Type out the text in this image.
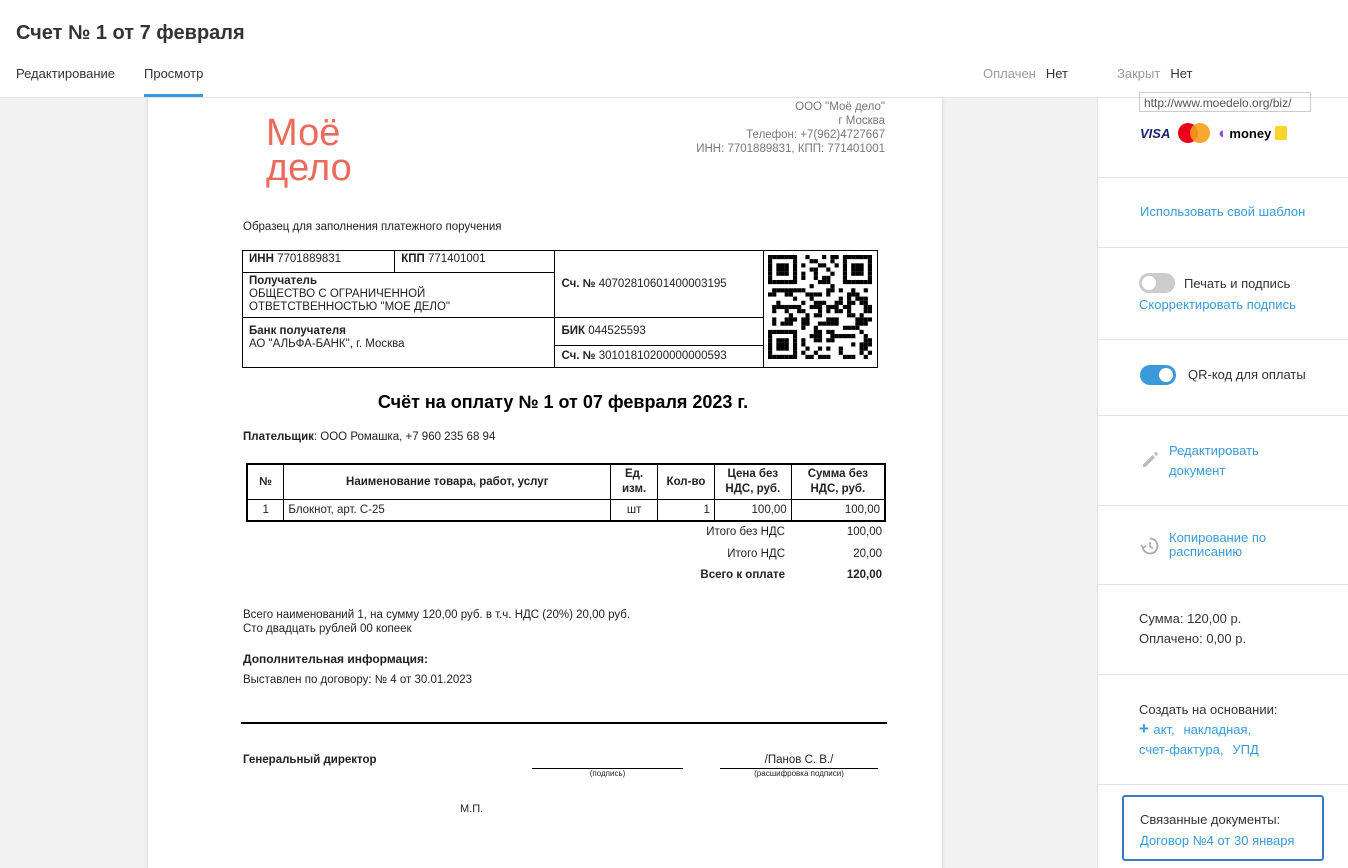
Счет № 1 от 7 февраля
Редактирование Просмотр	Оплачен Нет	Закрыт Нет
Моё
дело
ООО "Моё дело"
г Москва
Телефон: +7(962)4727667
ИНН: 7701889831, КПП: 771401001
Образец для заполнения платежного поручения
ИНН 7701889831	КПП 771401001	Сч. № 40702810601400003195	
Получатель
ОБЩЕСТВО С ОГРАНИЧЕННОЙ ОТВЕТСТВЕННОСТЬЮ "МОЕ ДЕЛО"			
Банк получателя
АО "АЛЬФА-БАНК", г. Москва		БИК 044525593	
		Сч. № 30101810200000000593	
Счёт на оплату № 1 от 07 февраля 2023 г.
Плательщик: ООО Ромашка, +7 960 235 68 94
№	Наименование товара, работ, услуг	Ед. изм.	Кол-во	Цена без НДС, руб.	Сумма без НДС, руб.
1	Блокнот, арт. С-25	шт	1	100,00	100,00
Итого без НДС	100,00
Итого НДС	20,00
Всего к оплате	120,00
Всего наименований 1, на сумму 120,00 руб. в т.ч. НДС (20%) 20,00 руб.
Сто двадцать рублей 00 копеек
Дополнительная информация:
Выставлен по договору: № 4 от 30.01.2023
Генеральный директор
(подпись)
/Панов С. В./
(расшифровка подписи)
М.П.
http://www.moedelo.org/biz/
VISA	◐ money
Использовать свой шаблон
Печать и подпись
Скорректировать подпись
QR-код для оплаты
Редактировать
документ
Копирование по
расписанию
Сумма: 120,00 р.
Оплачено: 0,00 р.
Создать на основании:
+ акт, накладная,
счет-фактура, УПД
Связанные документы:
Договор №4 от 30 января
